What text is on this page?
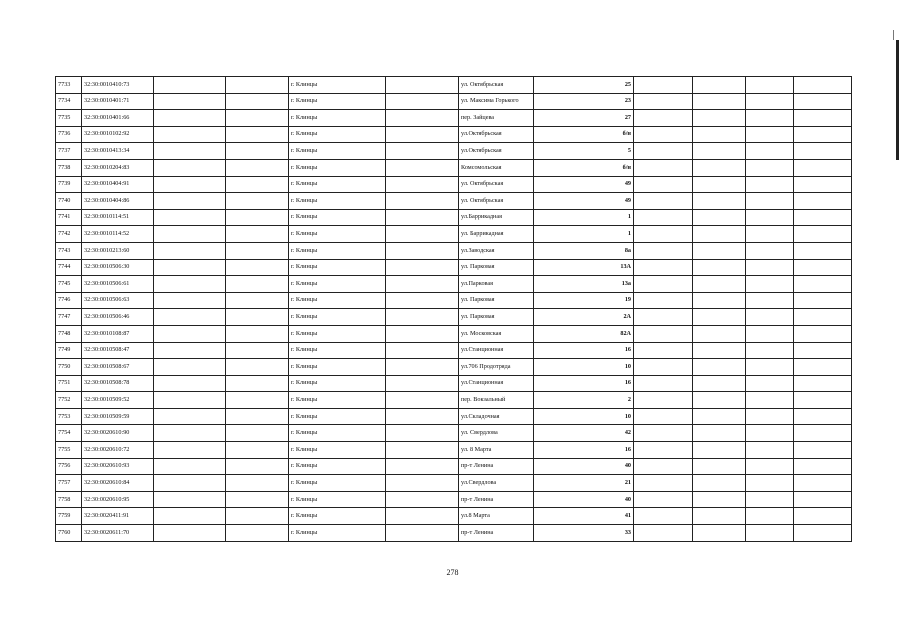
7733	32:30:0010410:73			г. Клинцы		ул. Октябрьская	25				
7734	32:30:0010401:71			г. Клинцы		ул. Максима Горького	23				
7735	32:30:0010401:66			г. Клинцы		пер. Зайцева	27				
7736	32:30:0010102:92			г. Клинцы		ул.Октябрьская	б/н				
7737	32:30:0010413:34			г. Клинцы		ул.Октябрьская	5				
7738	32:30:0010204:83			г. Клинцы		Комсомольская	б/н				
7739	32:30:0010404:91			г. Клинцы		ул. Октябрьская	49				
7740	32:30:0010404:86			г. Клинцы		ул. Октябрьская	49				
7741	32:30:0010114:51			г. Клинцы		ул.Баррикадная	1				
7742	32:30:0010114:52			г. Клинцы		ул. Баррикадная	1				
7743	32:30:0010213:60			г. Клинцы		ул.Заводская	8а				
7744	32:30:0010506:30			г. Клинцы		ул. Парковая	13А				
7745	32:30:0010506:61			г. Клинцы		ул.Парковая	13а				
7746	32:30:0010506:63			г. Клинцы		ул. Парковая	19				
7747	32:30:0010506:46			г. Клинцы		ул. Парковая	2А				
7748	32:30:0010108:87			г. Клинцы		ул. Московская	82А				
7749	32:30:0010508:47			г. Клинцы		ул.Станционная	16				
7750	32:30:0010508:67			г. Клинцы		ул.706 Продотряда	10				
7751	32:30:0010508:78			г. Клинцы		ул.Станционная	16				
7752	32:30:0010509:52			г. Клинцы		пер. Вокзальный	2				
7753	32:30:0010509:59			г. Клинцы		ул.Складочная	10				
7754	32:30:0020610:90			г. Клинцы		ул. Свердлова	42				
7755	32:30:0020610:72			г. Клинцы		ул. 8 Марта	16				
7756	32:30:0020610:93			г. Клинцы		пр-т Ленина	40				
7757	32:30:0020610:84			г. Клинцы		ул.Свердлова	21				
7758	32:30:0020610:95			г. Клинцы		пр-т Ленина	40				
7759	32:30:0020411:91			г. Клинцы		ул.8 Марта	41				
7760	32:30:0020611:70			г. Клинцы		пр-т Ленина	33				
278
